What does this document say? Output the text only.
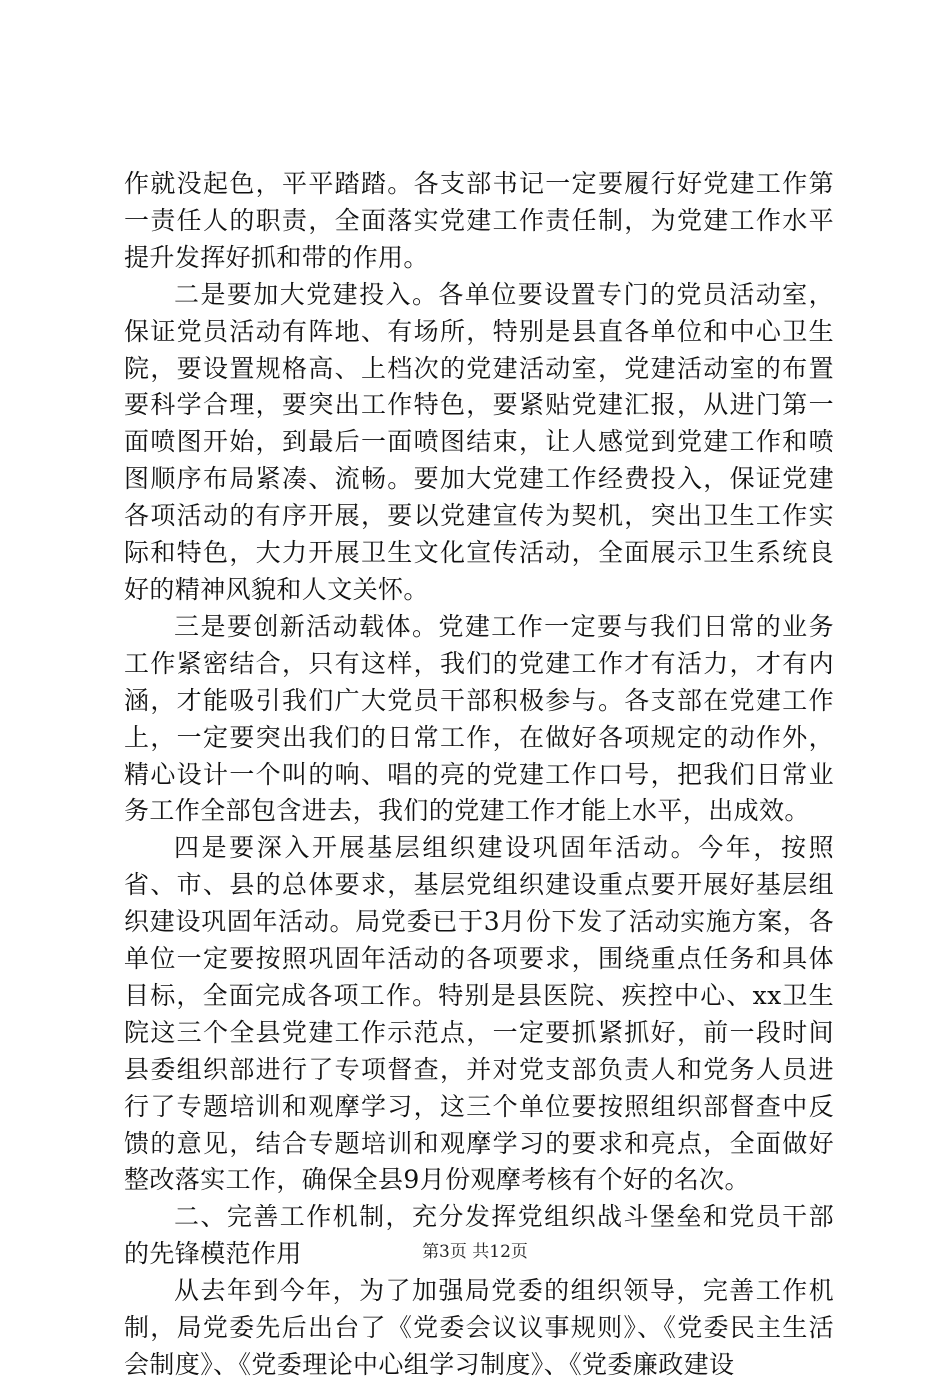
作就没起色，平平踏踏。各支部书记一定要履行好党建工作第一责任人的职责，全面落实党建工作责任制，为党建工作水平提升发挥好抓和带的作用。

二是要加大党建投入。各单位要设置专门的党员活动室，保证党员活动有阵地、有场所，特别是县直各单位和中心卫生院，要设置规格高、上档次的党建活动室，党建活动室的布置要科学合理，要突出工作特色，要紧贴党建汇报，从进门第一面喷图开始，到最后一面喷图结束，让人感觉到党建工作和喷图顺序布局紧凑、流畅。要加大党建工作经费投入，保证党建各项活动的有序开展，要以党建宣传为契机，突出卫生工作实际和特色，大力开展卫生文化宣传活动，全面展示卫生系统良好的精神风貌和人文关怀。

三是要创新活动载体。党建工作一定要与我们日常的业务工作紧密结合，只有这样，我们的党建工作才有活力，才有内涵，才能吸引我们广大党员干部积极参与。各支部在党建工作上，一定要突出我们的日常工作，在做好各项规定的动作外，精心设计一个叫的响、唱的亮的党建工作口号，把我们日常业务工作全部包含进去，我们的党建工作才能上水平，出成效。

四是要深入开展基层组织建设巩固年活动。今年，按照省、市、县的总体要求，基层党组织建设重点要开展好基层组织建设巩固年活动。局党委已于3月份下发了活动实施方案，各单位一定要按照巩固年活动的各项要求，围绕重点任务和具体目标，全面完成各项工作。特别是县医院、疾控中心、xx卫生院这三个全县党建工作示范点，一定要抓紧抓好，前一段时间县委组织部进行了专项督查，并对党支部负责人和党务人员进行了专题培训和观摩学习，这三个单位要按照组织部督查中反馈的意见，结合专题培训和观摩学习的要求和亮点，全面做好整改落实工作，确保全县9月份观摩考核有个好的名次。

二、完善工作机制，充分发挥党组织战斗堡垒和党员干部的先锋模范作用

从去年到今年，为了加强局党委的组织领导，完善工作机制，局党委先后出台了《党委会议议事规则》、《党委民主生活会制度》、《党委理论中心组学习制度》、《党委廉政建设

第3页 共12页
